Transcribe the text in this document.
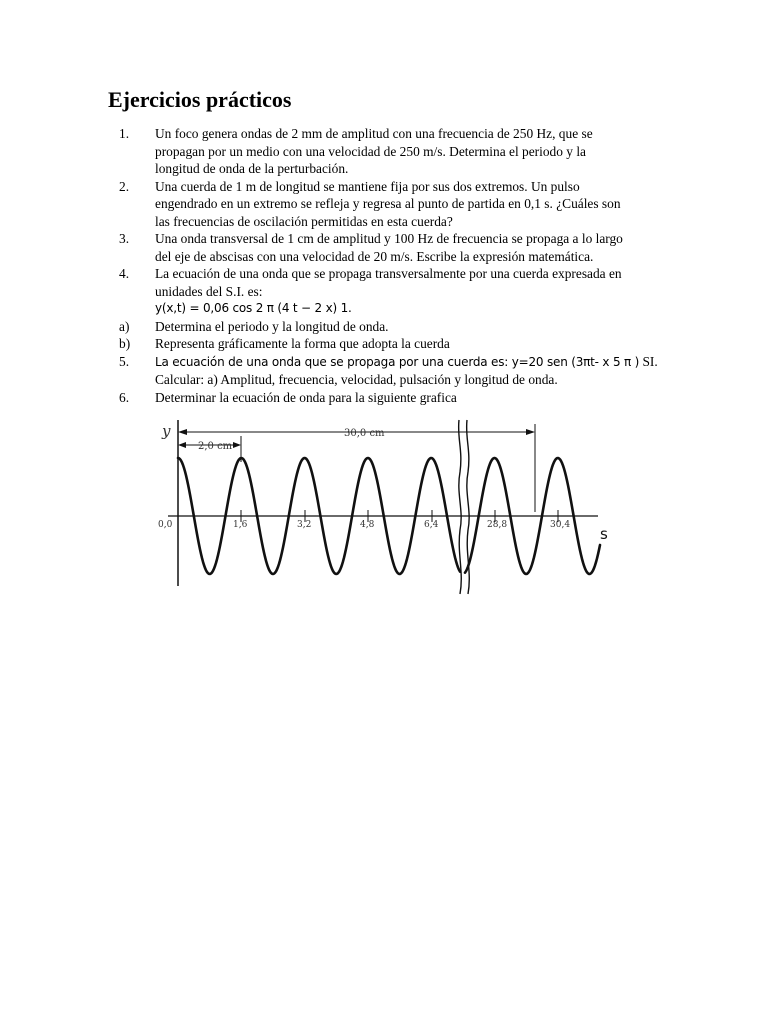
Ejercicios prácticos
1.	Un foco genera ondas de 2 mm de amplitud con una frecuencia de 250 Hz, que se
propagan por un medio con una velocidad de 250 m/s. Determina el periodo y la
longitud de onda de la perturbación.
2.	Una cuerda de 1 m de longitud se mantiene fija por sus dos extremos. Un pulso
engendrado en un extremo se refleja y regresa al punto de partida en 0,1 s. ¿Cuáles son
las frecuencias de oscilación permitidas en esta cuerda?
3.	Una onda transversal de 1 cm de amplitud y 100 Hz de frecuencia se propaga a lo largo
del eje de abscisas con una velocidad de 20 m/s. Escribe la expresión matemática.
4.	La ecuación de una onda que se propaga transversalmente por una cuerda expresada en
unidades del S.I. es:
y(x,t) = 0,06 cos 2 π (4 t − 2 x) 1.
a)	Determina el periodo y la longitud de onda.
b)	Representa gráficamente la forma que adopta la cuerda
5.	La ecuación de una onda que se propaga por una cuerda es: y=20 sen (3πt- x 5 π ) SI.
Calcular: a) Amplitud, frecuencia, velocidad, pulsación y longitud de onda.
6.	Determinar la ecuación de onda para la siguiente grafica
30,0 cm
2,0 cm
y
s
0,0	1,6	3,2	4,8	6,4	28,8	30,4
